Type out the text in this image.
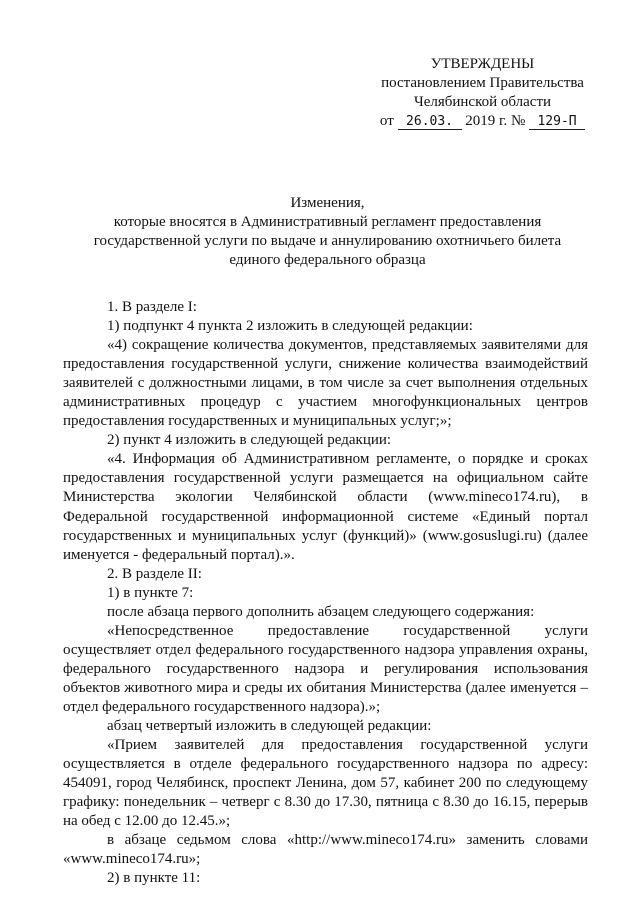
УТВЕРЖДЕНЫ
постановлением Правительства
Челябинской области
от 26.03. 2019 г. № 129-П
Изменения,
которые вносятся в Административный регламент предоставления
государственной услуги по выдаче и аннулированию охотничьего билета
единого федерального образца

1. В разделе I:

1) подпункт 4 пункта 2 изложить в следующей редакции:

«4) сокращение количества документов, представляемых заявителями для предоставления государственной услуги, снижение количества взаимодействий заявителей с должностными лицами, в том числе за счет выполнения отдельных административных процедур с участием многофункциональных центров предоставления государственных и муниципальных услуг;»;

2) пункт 4 изложить в следующей редакции:

«4. Информация об Административном регламенте, о порядке и сроках предоставления государственной услуги размещается на официальном сайте Министерства экологии Челябинской области (www.mineco174.ru), в Федеральной государственной информационной системе «Единый портал государственных и муниципальных услуг (функций)» (www.gosuslugi.ru) (далее именуется - федеральный портал).».

2. В разделе II:

1) в пункте 7:

после абзаца первого дополнить абзацем следующего содержания:

«Непосредственное предоставление государственной услуги осуществляет отдел федерального государственного надзора управления охраны, федерального государственного надзора и регулирования использования объектов животного мира и среды их обитания Министерства (далее именуется – отдел федерального государственного надзора).»;

абзац четвертый изложить в следующей редакции:

«Прием заявителей для предоставления государственной услуги осуществляется в отделе федерального государственного надзора по адресу: 454091, город Челябинск, проспект Ленина, дом 57, кабинет 200 по следующему графику: понедельник – четверг с 8.30 до 17.30, пятница с 8.30 до 16.15, перерыв на обед с 12.00 до 12.45.»;

в абзаце седьмом слова «http://www.mineco174.ru» заменить словами «www.mineco174.ru»;

2) в пункте 11:
